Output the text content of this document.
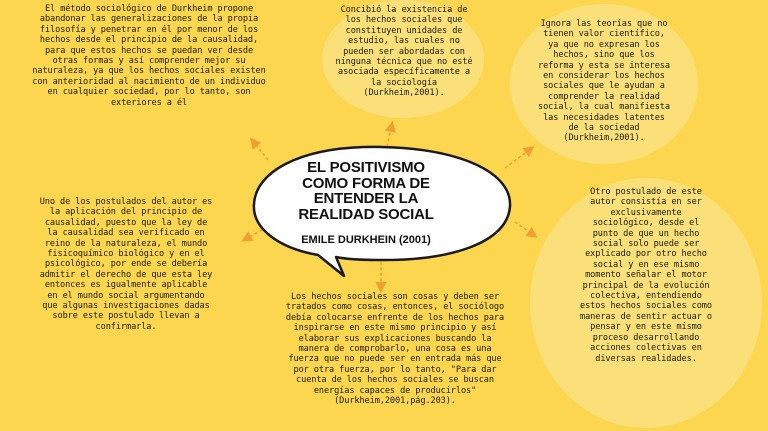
EL POSITIVISMO
COMO FORMA DE
ENTENDER LA
REALIDAD SOCIAL
EMILE DURKHEIN (2001)
El método sociológico de Durkheim propone
abandonar las generalizaciones de la propia
filosofía y penetrar en él por menor de los
hechos desde el principio de la causalidad,
para que estos hechos se puedan ver desde
otras formas y así comprender mejor su
naturaleza, ya que los hechos sociales existen
con anterioridad al nacimiento de un individuo
en cualquier sociedad, por lo tanto, son
exteriores a él
Concibió la existencia de
los hechos sociales que
constituyen unidades de
estudio, las cuales no
pueden ser abordadas con
ninguna técnica que no esté
asociada específicamente a
la sociología
(Durkheim,2001).
Ignora las teorías que no
tienen valor científico,
ya que no expresan los
hechos, sino que los
reforma y esta se interesa
en considerar los hechos
sociales que le ayudan a
comprender la realidad
social, la cual manifiesta
las necesidades latentes
de la sociedad
(Durkheim,2001).
Uno de los postulados del autor es
la aplicación del principio de
causalidad, puesto que la ley de
la causalidad sea verificado en
reino de la naturaleza, el mundo
fisicoquímico biológico y en el
psicológico, por ende se debería
admitir el derecho de que esta ley
entonces es igualmente aplicable
en el mundo social argumentando
que algunas investigaciones dadas
sobre este postulado llevan a
confirmarla.
Los hechos sociales son cosas y deben ser
tratados como cosas, entonces, el sociólogo
debía colocarse enfrente de los hechos para
inspirarse en este mismo principio y así
elaborar sus explicaciones buscando la
manera de comprobarlo, una cosa es una
fuerza que no puede ser en entrada más que
por otra fuerza, por lo tanto, "Para dar
cuenta de los hechos sociales se buscan
energías capaces de producirlos"
(Durkheim,2001,pág.203).
Otro postulado de este
autor consistía en ser
exclusivamente
sociológico, desde el
punto de que un hecho
social solo puede ser
explicado por otro hecho
social y en ese mismo
momento señalar el motor
principal de la evolución
colectiva, entendiendo
estos hechos sociales como
maneras de sentir actuar o
pensar y en este mismo
proceso desarrollando
acciones colectivas en
diversas realidades.
